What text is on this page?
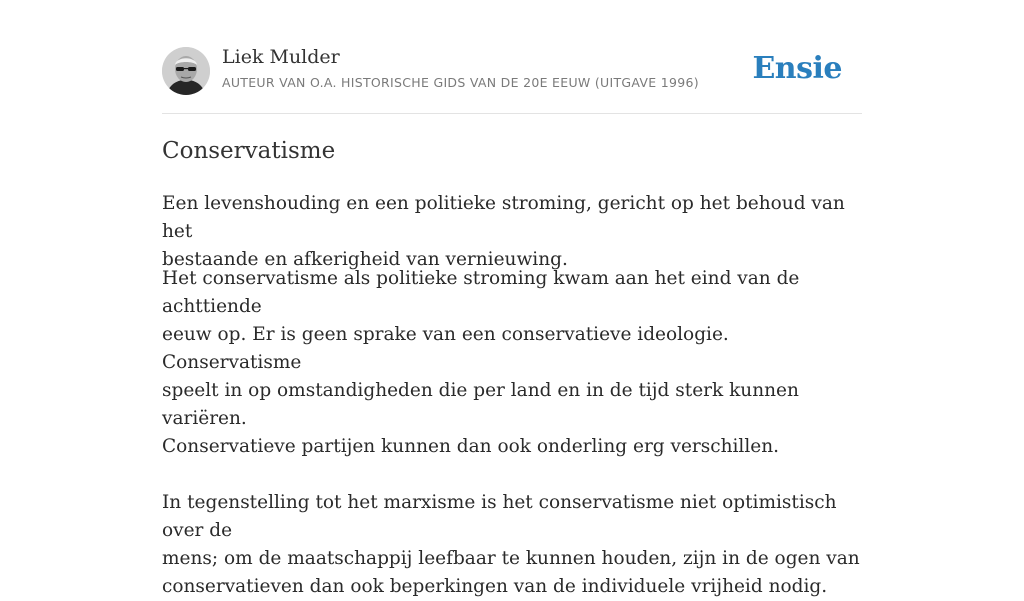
Liek Mulder
AUTEUR VAN O.A. HISTORISCHE GIDS VAN DE 20E EEUW (UITGAVE 1996) Ensie
Conservatisme
Een levenshouding en een politieke stroming, gericht op het behoud van het
bestaande en afkerigheid van vernieuwing.
Het conservatisme als politieke stroming kwam aan het eind van de achttiende
eeuw op. Er is geen sprake van een conservatieve ideologie. Conservatisme
speelt in op omstandigheden die per land en in de tijd sterk kunnen variëren.
Conservatieve partijen kunnen dan ook onderling erg verschillen.

In tegenstelling tot het marxisme is het conservatisme niet optimistisch over de
mens; om de maatschappij leefbaar te kunnen houden, zijn in de ogen van
conservatieven dan ook beperkingen van de individuele vrijheid nodig.
